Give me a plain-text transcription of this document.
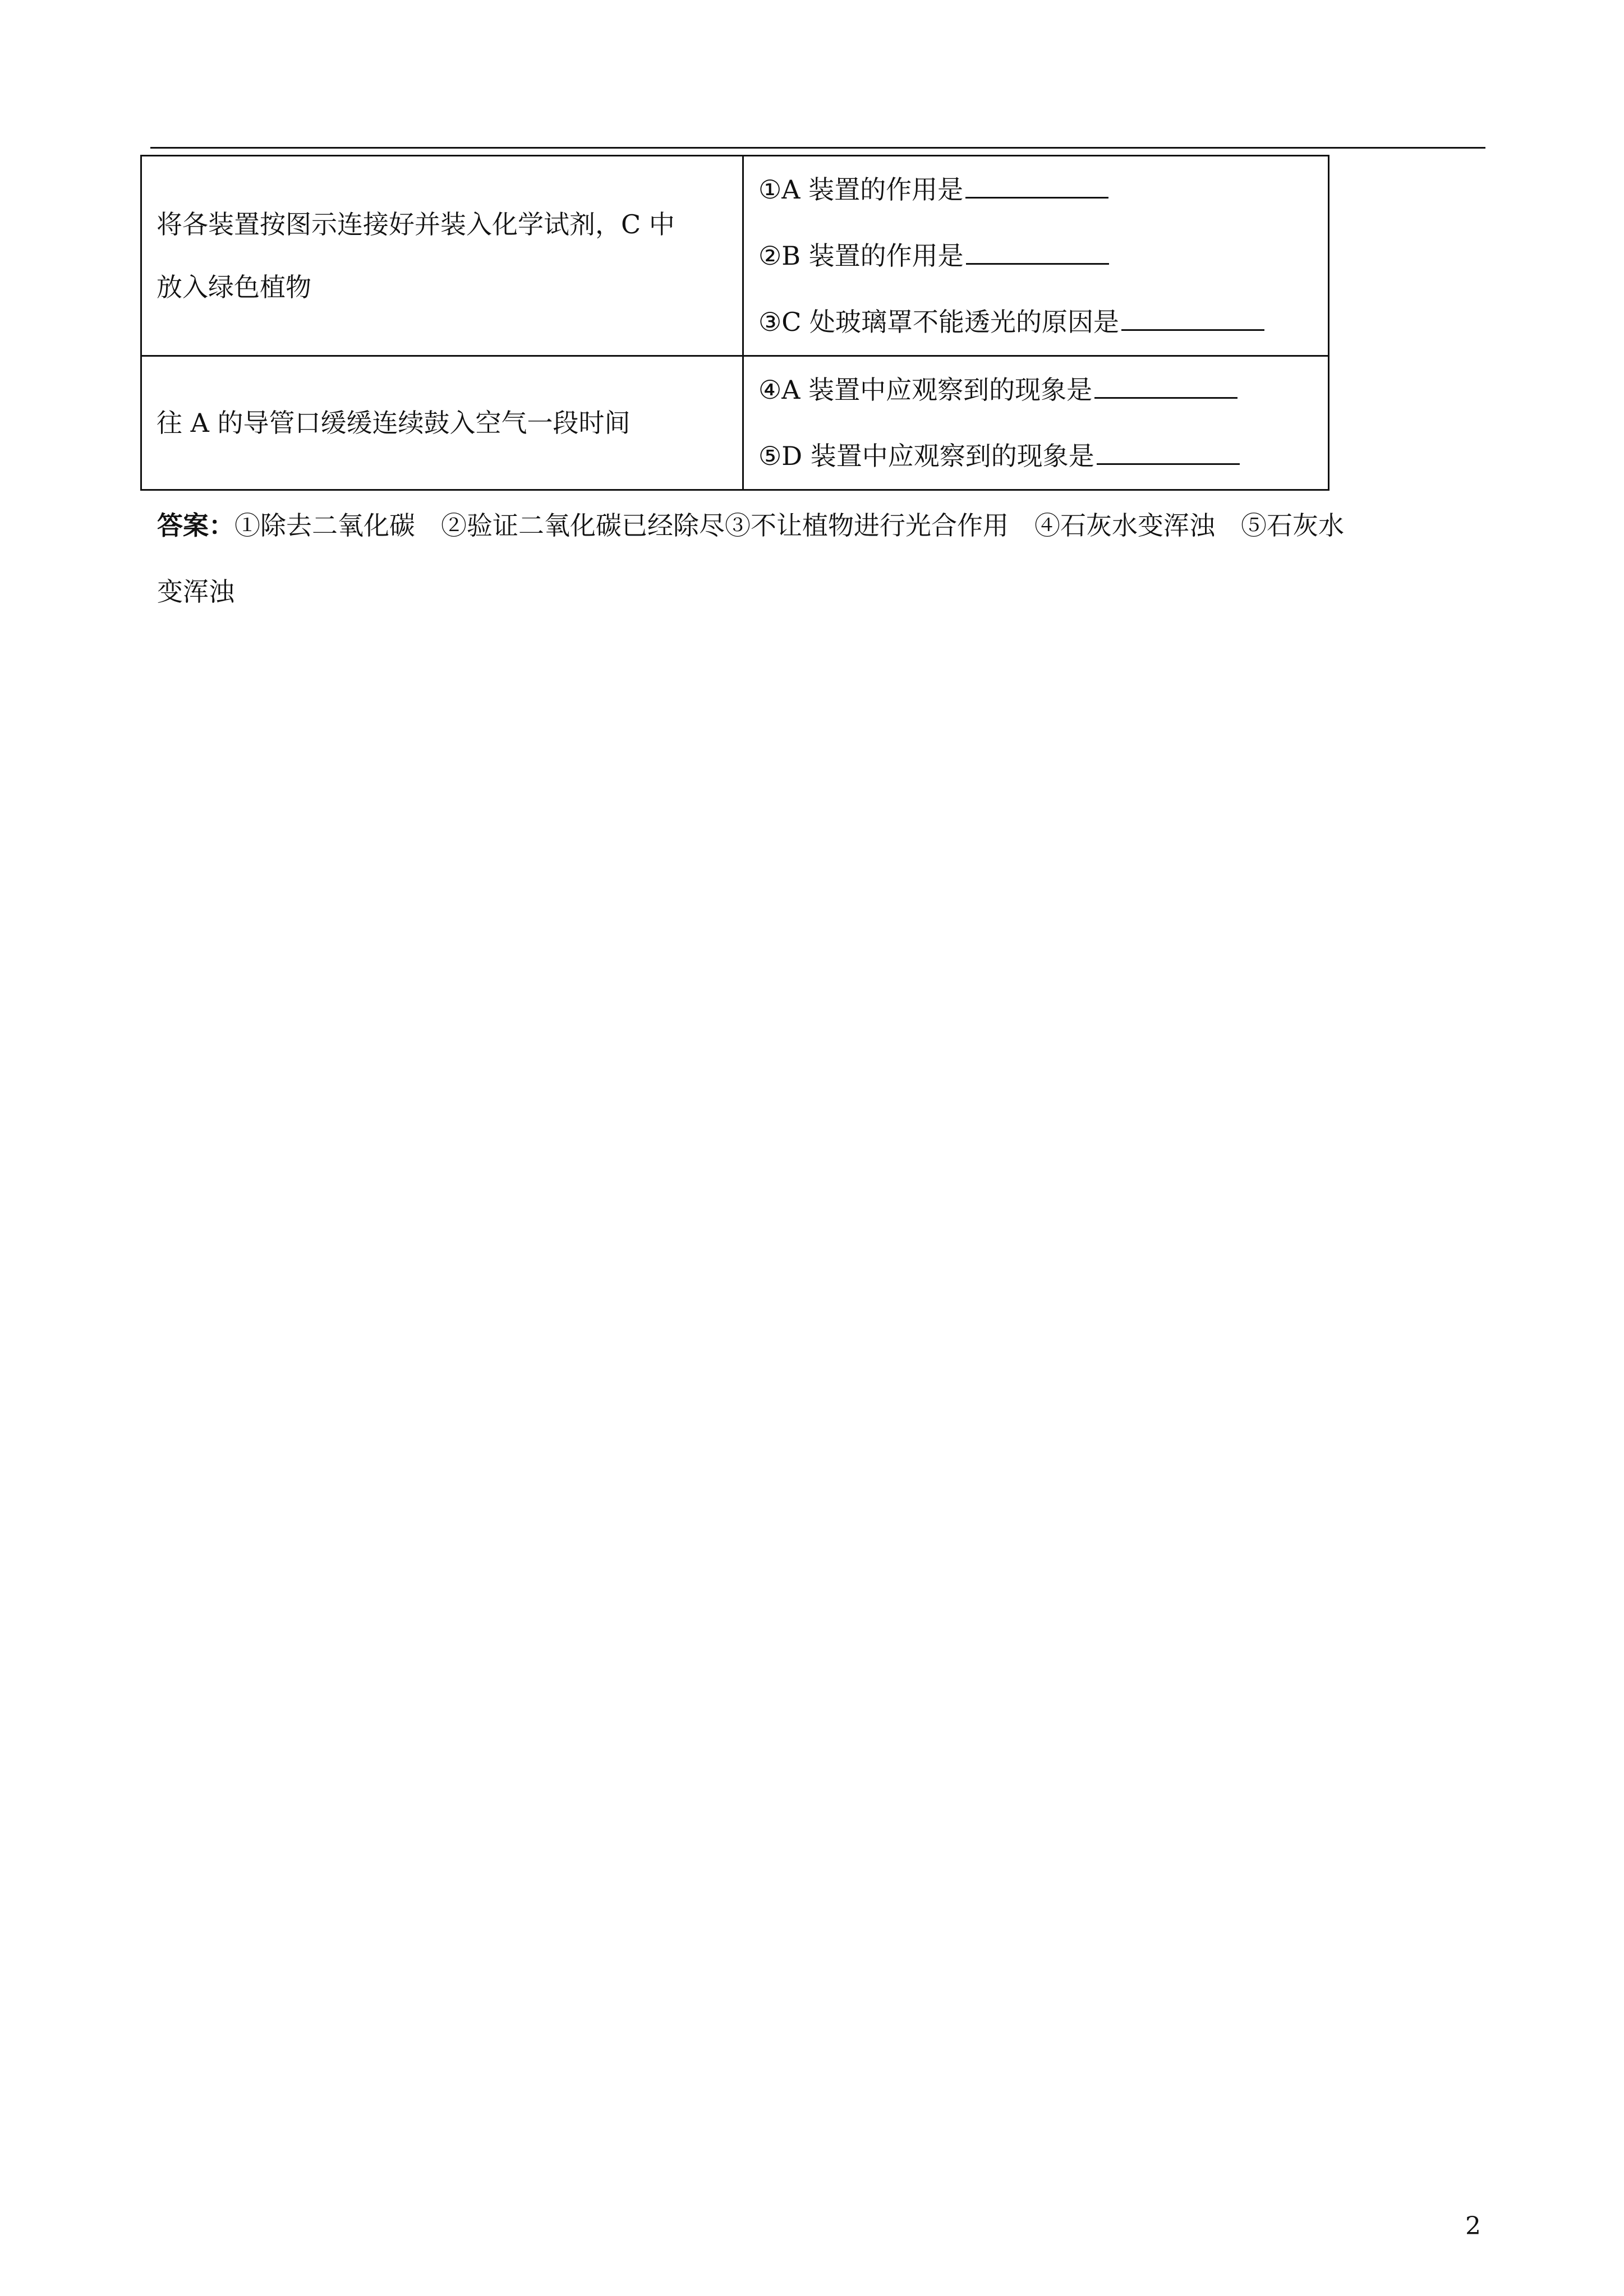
将各装置按图示连接好并装入化学试剂，C 中
放入绿色植物	①A 装置的作用是
②B 装置的作用是
③C 处玻璃罩不能透光的原因是

往 A 的导管口缓缓连续鼓入空气一段时间	④A 装置中应观察到的现象是
⑤D 装置中应观察到的现象是
答案：①除去二氧化碳　②验证二氧化碳已经除尽③不让植物进行光合作用　④石灰水变浑浊　⑤石灰水
变浑浊
2
